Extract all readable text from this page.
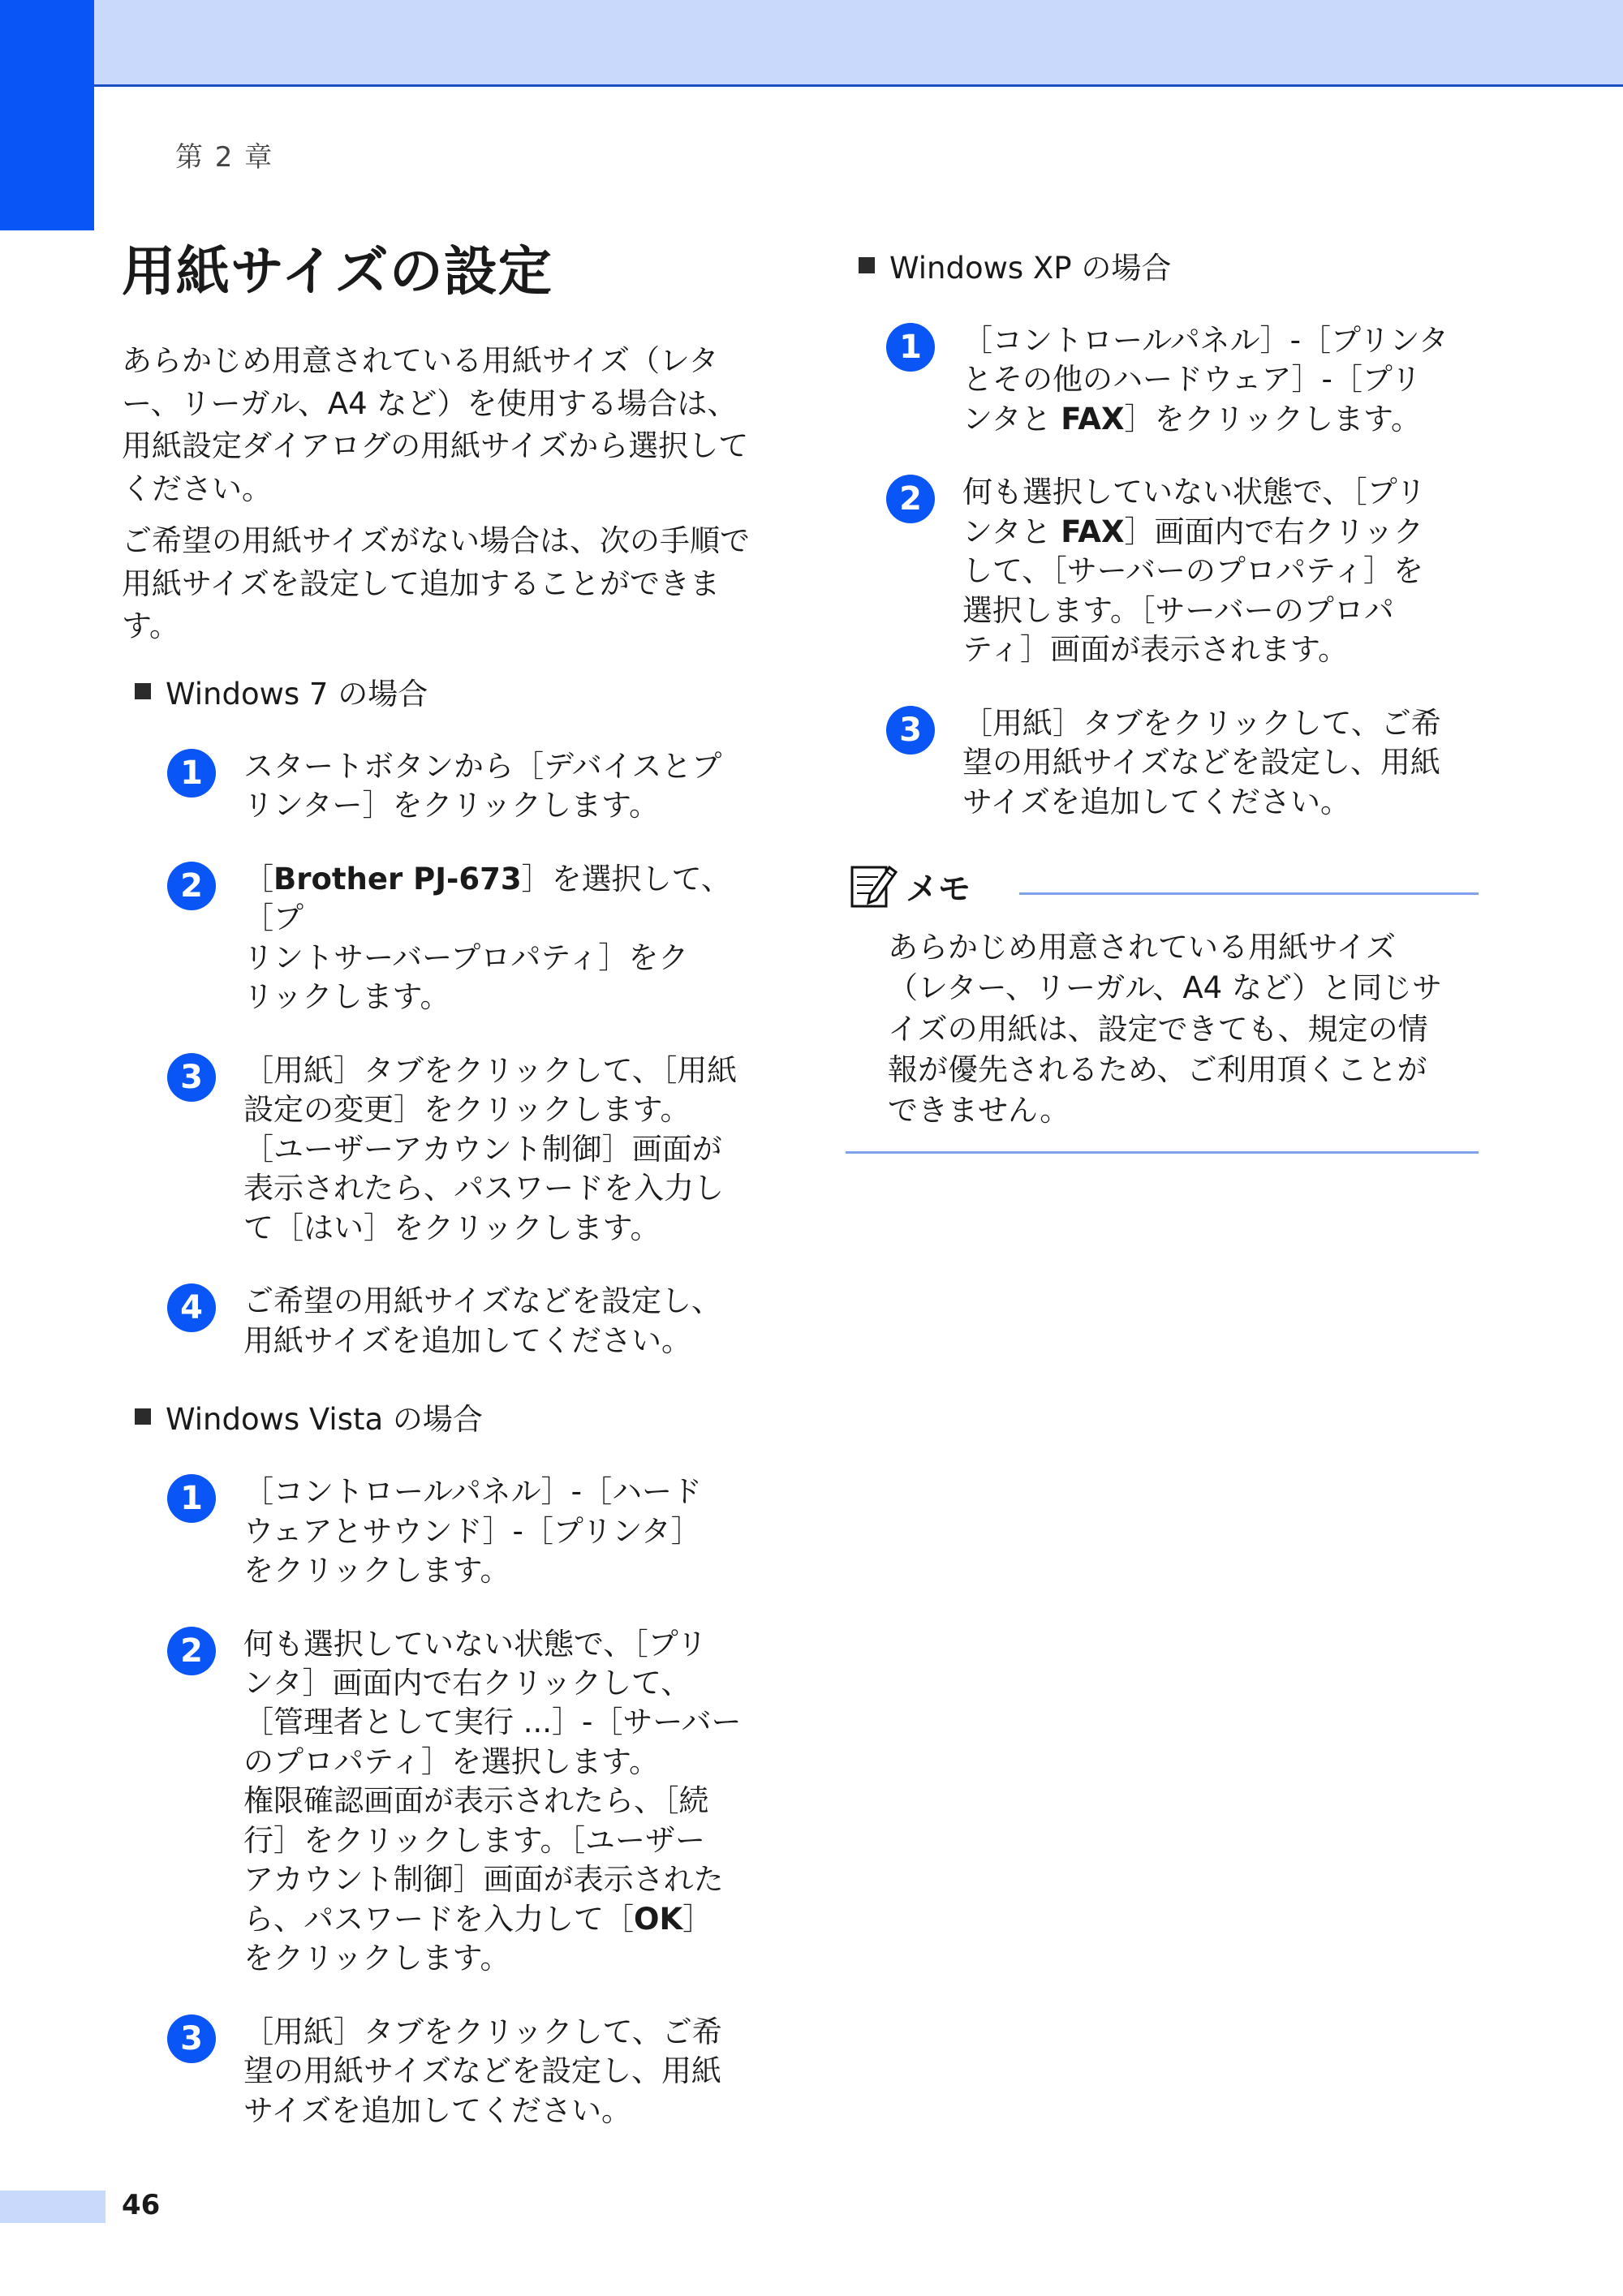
第 2 章
用紙サイズの設定

あらかじめ用意されている用紙サイズ（レター、リーガル、A4 など）を使用する場合は、用紙設定ダイアログの用紙サイズから選択してください。

ご希望の用紙サイズがない場合は、次の手順で用紙サイズを設定して追加することができます。

Windows 7 の場合
1	スタートボタンから［デバイスとプ
リンター］をクリックします。
2	［Brother PJ-673］を選択して、［プ
リントサーバープロパティ］をク
リックします。
3	［用紙］タブをクリックして、［用紙
設定の変更］をクリックします。
［ユーザーアカウント制御］画面が
表示されたら、パスワードを入力し
て［はい］をクリックします。
4	ご希望の用紙サイズなどを設定し、
用紙サイズを追加してください。
Windows Vista の場合
1	［コントロールパネル］-［ハード
ウェアとサウンド］-［プリンタ］
をクリックします。
2	何も選択していない状態で、［プリ
ンタ］画面内で右クリックして、
［管理者として実行 ...］-［サーバー
のプロパティ］を選択します。
権限確認画面が表示されたら、［続
行］をクリックします。［ユーザー
アカウント制御］画面が表示された
ら、パスワードを入力して［OK］
をクリックします。
3	［用紙］タブをクリックして、ご希
望の用紙サイズなどを設定し、用紙
サイズを追加してください。
Windows XP の場合
1	［コントロールパネル］-［プリンタ
とその他のハードウェア］-［プリ
ンタと FAX］をクリックします。
2	何も選択していない状態で、［プリ
ンタと FAX］画面内で右クリック
して、［サーバーのプロパティ］を
選択します。［サーバーのプロパ
ティ］画面が表示されます。
3	［用紙］タブをクリックして、ご希
望の用紙サイズなどを設定し、用紙
サイズを追加してください。
メモ
あらかじめ用意されている用紙サイズ
（レター、リーガル、A4 など）と同じサ
イズの用紙は、設定できても、規定の情
報が優先されるため、ご利用頂くことが
できません。
46
